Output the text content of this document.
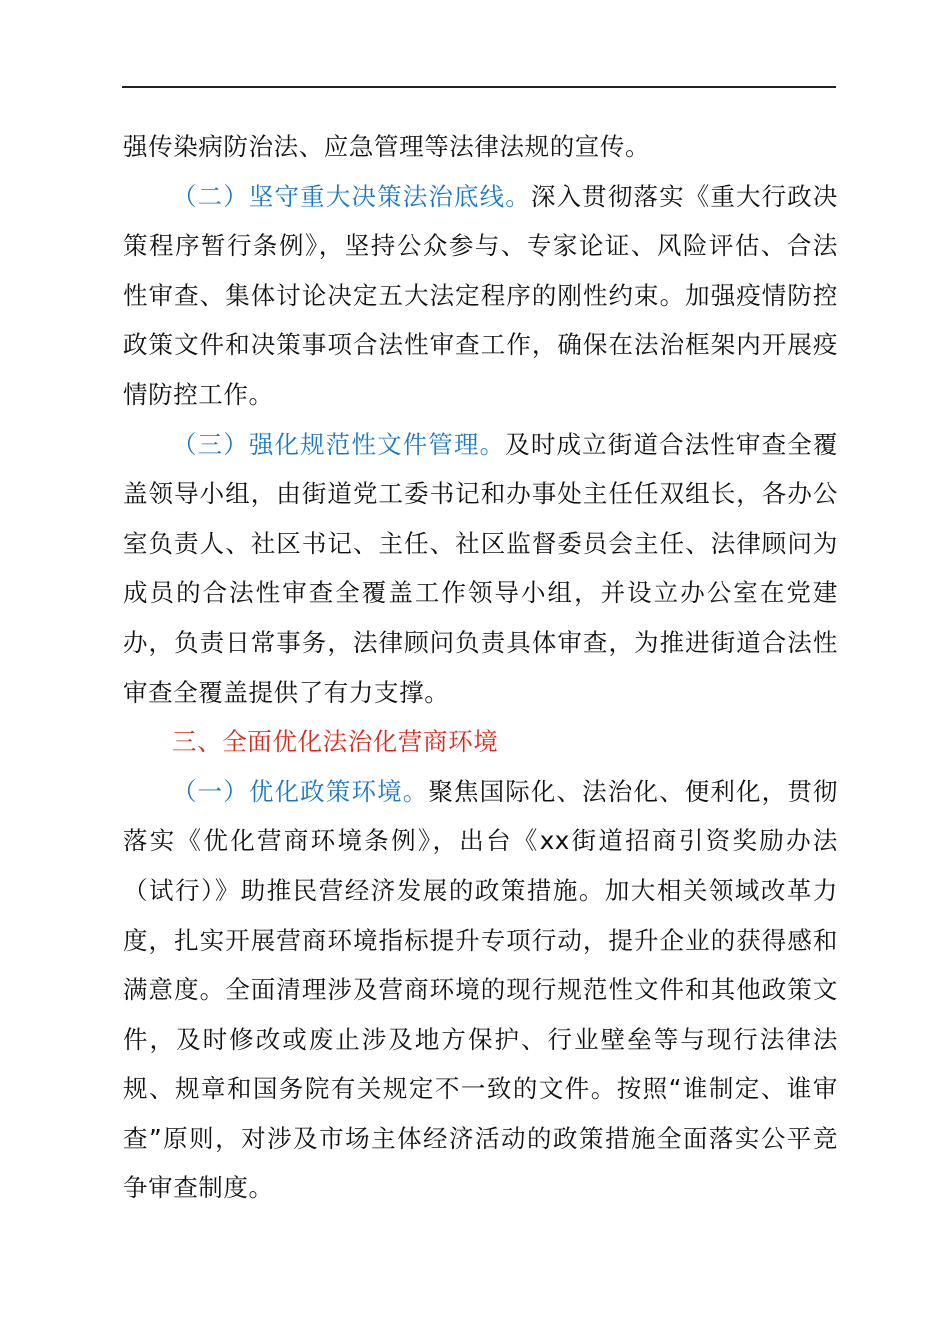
强传染病防治法、应急管理等法律法规的宣传。

（二）坚守重大决策法治底线。深入贯彻落实《重大行政决策程序暂行条例》，坚持公众参与、专家论证、风险评估、合法性审查、集体讨论决定五大法定程序的刚性约束。加强疫情防控政策文件和决策事项合法性审查工作，确保在法治框架内开展疫情防控工作。

（三）强化规范性文件管理。及时成立街道合法性审查全覆盖领导小组，由街道党工委书记和办事处主任任双组长，各办公室负责人、社区书记、主任、社区监督委员会主任、法律顾问为成员的合法性审查全覆盖工作领导小组，并设立办公室在党建办，负责日常事务，法律顾问负责具体审查，为推进街道合法性审查全覆盖提供了有力支撑。

三、全面优化法治化营商环境

（一）优化政策环境。聚焦国际化、法治化、便利化，贯彻落实《优化营商环境条例》，出台《xx街道招商引资奖励办法（试行）》助推民营经济发展的政策措施。加大相关领域改革力度，扎实开展营商环境指标提升专项行动，提升企业的获得感和满意度。全面清理涉及营商环境的现行规范性文件和其他政策文件，及时修改或废止涉及地方保护、行业壁垒等与现行法律法规、规章和国务院有关规定不一致的文件。按照“谁制定、谁审查”原则，对涉及市场主体经济活动的政策措施全面落实公平竞争审查制度。
